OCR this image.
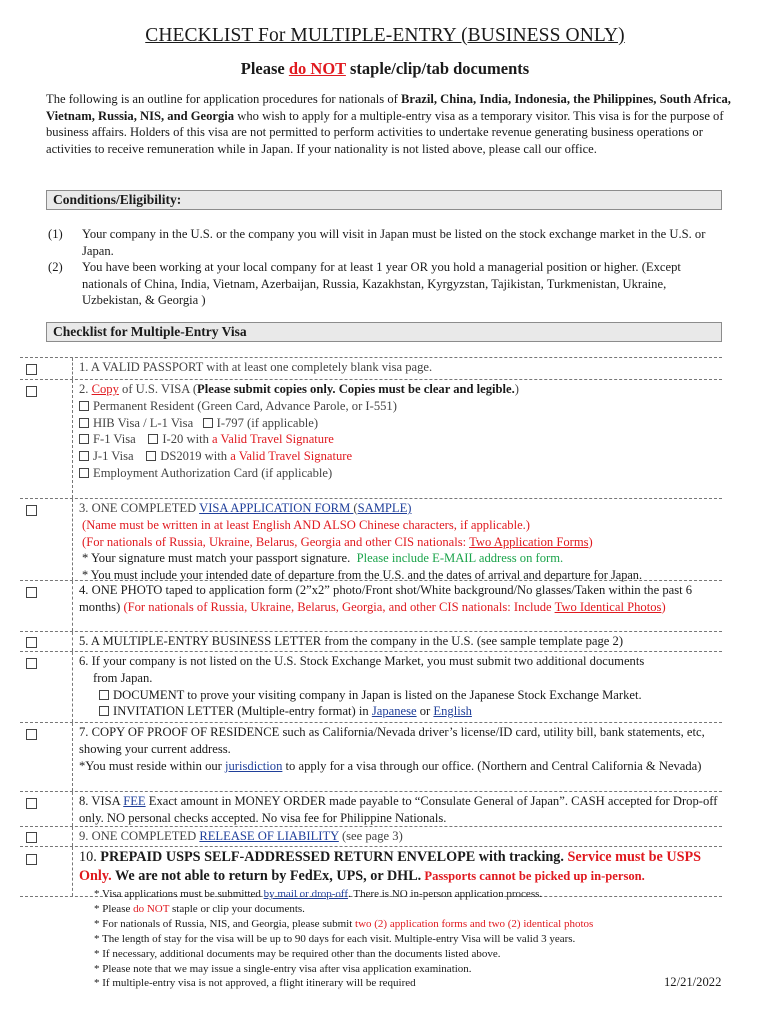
CHECKLIST For MULTIPLE-ENTRY (BUSINESS ONLY)
Please do NOT staple/clip/tab documents
The following is an outline for application procedures for nationals of Brazil, China, India, Indonesia, the Philippines, South Africa, Vietnam, Russia, NIS, and Georgia who wish to apply for a multiple-entry visa as a temporary visitor. This visa is for the purpose of business affairs. Holders of this visa are not permitted to perform activities to undertake revenue generating business operations or activities to receive remuneration while in Japan. If your nationality is not listed above, please call our office.
Conditions/Eligibility:
(1) Your company in the U.S. or the company you will visit in Japan must be listed on the stock exchange market in the U.S. or Japan.
(2) You have been working at your local company for at least 1 year OR you hold a managerial position or higher. (Except nationals of China, India, Vietnam, Azerbaijan, Russia, Kazakhstan, Kyrgyzstan, Tajikistan, Turkmenistan, Ukraine, Uzbekistan, & Georgia )
Checklist for Multiple-Entry Visa
1. A VALID PASSPORT with at least one completely blank visa page.
2. Copy of U.S. VISA (Please submit copies only. Copies must be clear and legible.)
Permanent Resident (Green Card, Advance Parole, or I-551)
HIB Visa / L-1 Visa I-797 (if applicable)
F-1 Visa I-20 with a Valid Travel Signature
J-1 Visa DS2019 with a Valid Travel Signature
Employment Authorization Card (if applicable)
3. ONE COMPLETED VISA APPLICATION FORM (SAMPLE)
(Name must be written in at least English AND ALSO Chinese characters, if applicable.)
(For nationals of Russia, Ukraine, Belarus, Georgia and other CIS nationals: Two Application Forms)
* Your signature must match your passport signature. Please include E-MAIL address on form.
* You must include your intended date of departure from the U.S. and the dates of arrival and departure for Japan.
4. ONE PHOTO taped to application form (2”x2” photo/Front shot/White background/No glasses/Taken within the past 6 months) (For nationals of Russia, Ukraine, Belarus, Georgia, and other CIS nationals: Include Two Identical Photos)
5. A MULTIPLE-ENTRY BUSINESS LETTER from the company in the U.S. (see sample template page 2)
6. If your company is not listed on the U.S. Stock Exchange Market, you must submit two additional documents
from Japan.
DOCUMENT to prove your visiting company in Japan is listed on the Japanese Stock Exchange Market.
INVITATION LETTER (Multiple-entry format) in Japanese or English
7. COPY OF PROOF OF RESIDENCE such as California/Nevada driver’s license/ID card, utility bill, bank statements, etc, showing your current address.
*You must reside within our jurisdiction to apply for a visa through our office. (Northern and Central California & Nevada)
8. VISA FEE Exact amount in MONEY ORDER made payable to “Consulate General of Japan”. CASH accepted for Drop-off only. NO personal checks accepted. No visa fee for Philippine Nationals.
9. ONE COMPLETED RELEASE OF LIABILITY (see page 3)
10. PREPAID USPS SELF-ADDRESSED RETURN ENVELOPE with tracking. Service must be USPS Only. We are not able to return by FedEx, UPS, or DHL. Passports cannot be picked up in-person.
* Visa applications must be submitted by mail or drop-off. There is NO in-person application process.
* Please do NOT staple or clip your documents.
* For nationals of Russia, NIS, and Georgia, please submit two (2) application forms and two (2) identical photos
* The length of stay for the visa will be up to 90 days for each visit. Multiple-entry Visa will be valid 3 years.
* If necessary, additional documents may be required other than the documents listed above.
* Please note that we may issue a single-entry visa after visa application examination.
* If multiple-entry visa is not approved, a flight itinerary will be required	12/21/2022
